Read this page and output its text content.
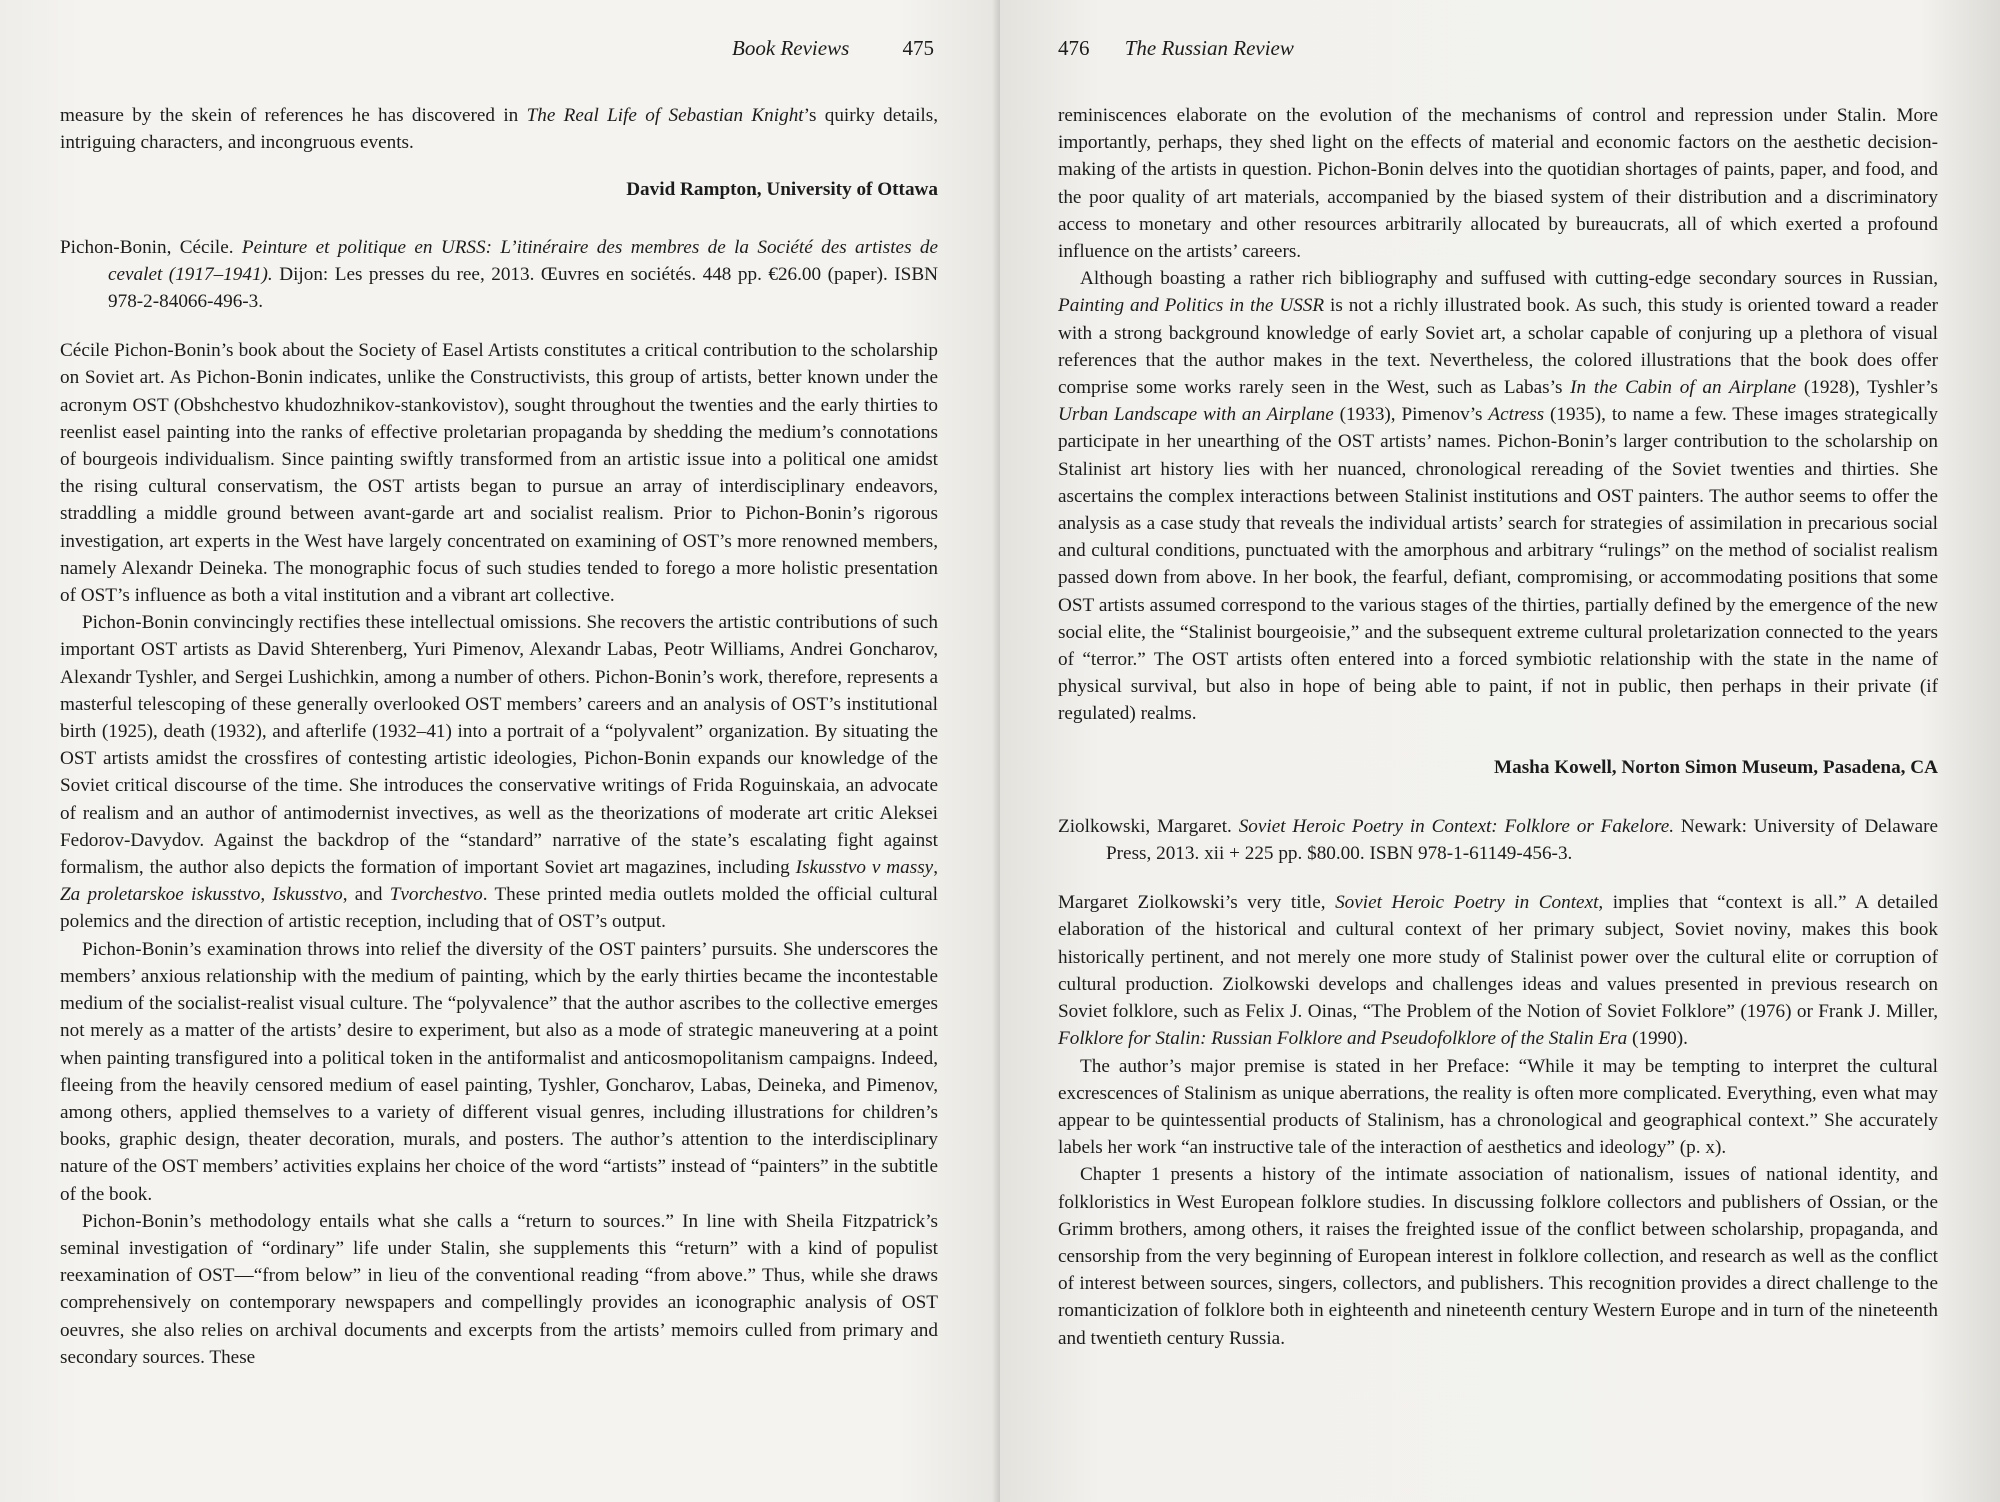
Book Reviews	475

measure by the skein of references he has discovered in The Real Life of Sebastian Knight’s quirky details, intriguing characters, and incongruous events.

David Rampton, University of Ottawa
Pichon-Bonin, Cécile. Peinture et politique en URSS: L’itinéraire des membres de la Société des artistes de cevalet (1917–1941). Dijon: Les presses du ree, 2013. Œuvres en sociétés. 448 pp. €26.00 (paper). ISBN 978-2-84066-496-3.

Cécile Pichon-Bonin’s book about the Society of Easel Artists constitutes a critical contribution to the scholarship on Soviet art. As Pichon-Bonin indicates, unlike the Constructivists, this group of artists, better known under the acronym OST (Obshchestvo khudozhnikov-stankovistov), sought throughout the twenties and the early thirties to reenlist easel painting into the ranks of effective proletarian propaganda by shedding the medium’s connotations of bourgeois individualism. Since painting swiftly transformed from an artistic issue into a political one amidst the rising cultural conservatism, the OST artists began to pursue an array of interdisciplinary endeavors, straddling a middle ground between avant-garde art and socialist realism. Prior to Pichon-Bonin’s rigorous investigation, art experts in the West have largely concentrated on examining of OST’s more renowned members, namely Alexandr Deineka. The monographic focus of such studies tended to forego a more holistic presentation of OST’s influence as both a vital institution and a vibrant art collective.

Pichon-Bonin convincingly rectifies these intellectual omissions. She recovers the artistic contributions of such important OST artists as David Shterenberg, Yuri Pimenov, Alexandr Labas, Peotr Williams, Andrei Goncharov, Alexandr Tyshler, and Sergei Lushichkin, among a number of others. Pichon-Bonin’s work, therefore, represents a masterful telescoping of these generally overlooked OST members’ careers and an analysis of OST’s institutional birth (1925), death (1932), and afterlife (1932–41) into a portrait of a “polyvalent” organization. By situating the OST artists amidst the crossfires of contesting artistic ideologies, Pichon-Bonin expands our knowledge of the Soviet critical discourse of the time. She introduces the conservative writings of Frida Roguinskaia, an advocate of realism and an author of antimodernist invectives, as well as the theorizations of moderate art critic Aleksei Fedorov-Davydov. Against the backdrop of the “standard” narrative of the state’s escalating fight against formalism, the author also depicts the formation of important Soviet art magazines, including Iskusstvo v massy, Za proletarskoe iskusstvo, Iskusstvo, and Tvorchestvo. These printed media outlets molded the official cultural polemics and the direction of artistic reception, including that of OST’s output.

Pichon-Bonin’s examination throws into relief the diversity of the OST painters’ pursuits. She underscores the members’ anxious relationship with the medium of painting, which by the early thirties became the incontestable medium of the socialist-realist visual culture. The “polyvalence” that the author ascribes to the collective emerges not merely as a matter of the artists’ desire to experiment, but also as a mode of strategic maneuvering at a point when painting transfigured into a political token in the antiformalist and anticosmopolitanism campaigns. Indeed, fleeing from the heavily censored medium of easel painting, Tyshler, Goncharov, Labas, Deineka, and Pimenov, among others, applied themselves to a variety of different visual genres, including illustrations for children’s books, graphic design, theater decoration, murals, and posters. The author’s attention to the interdisciplinary nature of the OST members’ activities explains her choice of the word “artists” instead of “painters” in the subtitle of the book.

Pichon-Bonin’s methodology entails what she calls a “return to sources.” In line with Sheila Fitzpatrick’s seminal investigation of “ordinary” life under Stalin, she supplements this “return” with a kind of populist reexamination of OST—“from below” in lieu of the conventional reading “from above.” Thus, while she draws comprehensively on contemporary newspapers and compellingly provides an iconographic analysis of OST oeuvres, she also relies on archival documents and excerpts from the artists’ memoirs culled from primary and secondary sources. These

476 The Russian Review

reminiscences elaborate on the evolution of the mechanisms of control and repression under Stalin. More importantly, perhaps, they shed light on the effects of material and economic factors on the aesthetic decision-making of the artists in question. Pichon-Bonin delves into the quotidian shortages of paints, paper, and food, and the poor quality of art materials, accompanied by the biased system of their distribution and a discriminatory access to monetary and other resources arbitrarily allocated by bureaucrats, all of which exerted a profound influence on the artists’ careers.

Although boasting a rather rich bibliography and suffused with cutting-edge secondary sources in Russian, Painting and Politics in the USSR is not a richly illustrated book. As such, this study is oriented toward a reader with a strong background knowledge of early Soviet art, a scholar capable of conjuring up a plethora of visual references that the author makes in the text. Nevertheless, the colored illustrations that the book does offer comprise some works rarely seen in the West, such as Labas’s In the Cabin of an Airplane (1928), Tyshler’s Urban Landscape with an Airplane (1933), Pimenov’s Actress (1935), to name a few. These images strategically participate in her unearthing of the OST artists’ names. Pichon-Bonin’s larger contribution to the scholarship on Stalinist art history lies with her nuanced, chronological rereading of the Soviet twenties and thirties. She ascertains the complex interactions between Stalinist institutions and OST painters. The author seems to offer the analysis as a case study that reveals the individual artists’ search for strategies of assimilation in precarious social and cultural conditions, punctuated with the amorphous and arbitrary “rulings” on the method of socialist realism passed down from above. In her book, the fearful, defiant, compromising, or accommodating positions that some OST artists assumed correspond to the various stages of the thirties, partially defined by the emergence of the new social elite, the “Stalinist bourgeoisie,” and the subsequent extreme cultural proletarization connected to the years of “terror.” The OST artists often entered into a forced symbiotic relationship with the state in the name of physical survival, but also in hope of being able to paint, if not in public, then perhaps in their private (if regulated) realms.

Masha Kowell, Norton Simon Museum, Pasadena, CA
Ziolkowski, Margaret. Soviet Heroic Poetry in Context: Folklore or Fakelore. Newark: University of Delaware Press, 2013. xii + 225 pp. $80.00. ISBN 978-1-61149-456-3.

Margaret Ziolkowski’s very title, Soviet Heroic Poetry in Context, implies that “context is all.” A detailed elaboration of the historical and cultural context of her primary subject, Soviet noviny, makes this book historically pertinent, and not merely one more study of Stalinist power over the cultural elite or corruption of cultural production. Ziolkowski develops and challenges ideas and values presented in previous research on Soviet folklore, such as Felix J. Oinas, “The Problem of the Notion of Soviet Folklore” (1976) or Frank J. Miller, Folklore for Stalin: Russian Folklore and Pseudofolklore of the Stalin Era (1990).

The author’s major premise is stated in her Preface: “While it may be tempting to interpret the cultural excrescences of Stalinism as unique aberrations, the reality is often more complicated. Everything, even what may appear to be quintessential products of Stalinism, has a chronological and geographical context.” She accurately labels her work “an instructive tale of the interaction of aesthetics and ideology” (p. x).

Chapter 1 presents a history of the intimate association of nationalism, issues of national identity, and folkloristics in West European folklore studies. In discussing folklore collectors and publishers of Ossian, or the Grimm brothers, among others, it raises the freighted issue of the conflict between scholarship, propaganda, and censorship from the very beginning of European interest in folklore collection, and research as well as the conflict of interest between sources, singers, collectors, and publishers. This recognition provides a direct challenge to the romanticization of folklore both in eighteenth and nineteenth century Western Europe and in turn of the nineteenth and twentieth century Russia.
